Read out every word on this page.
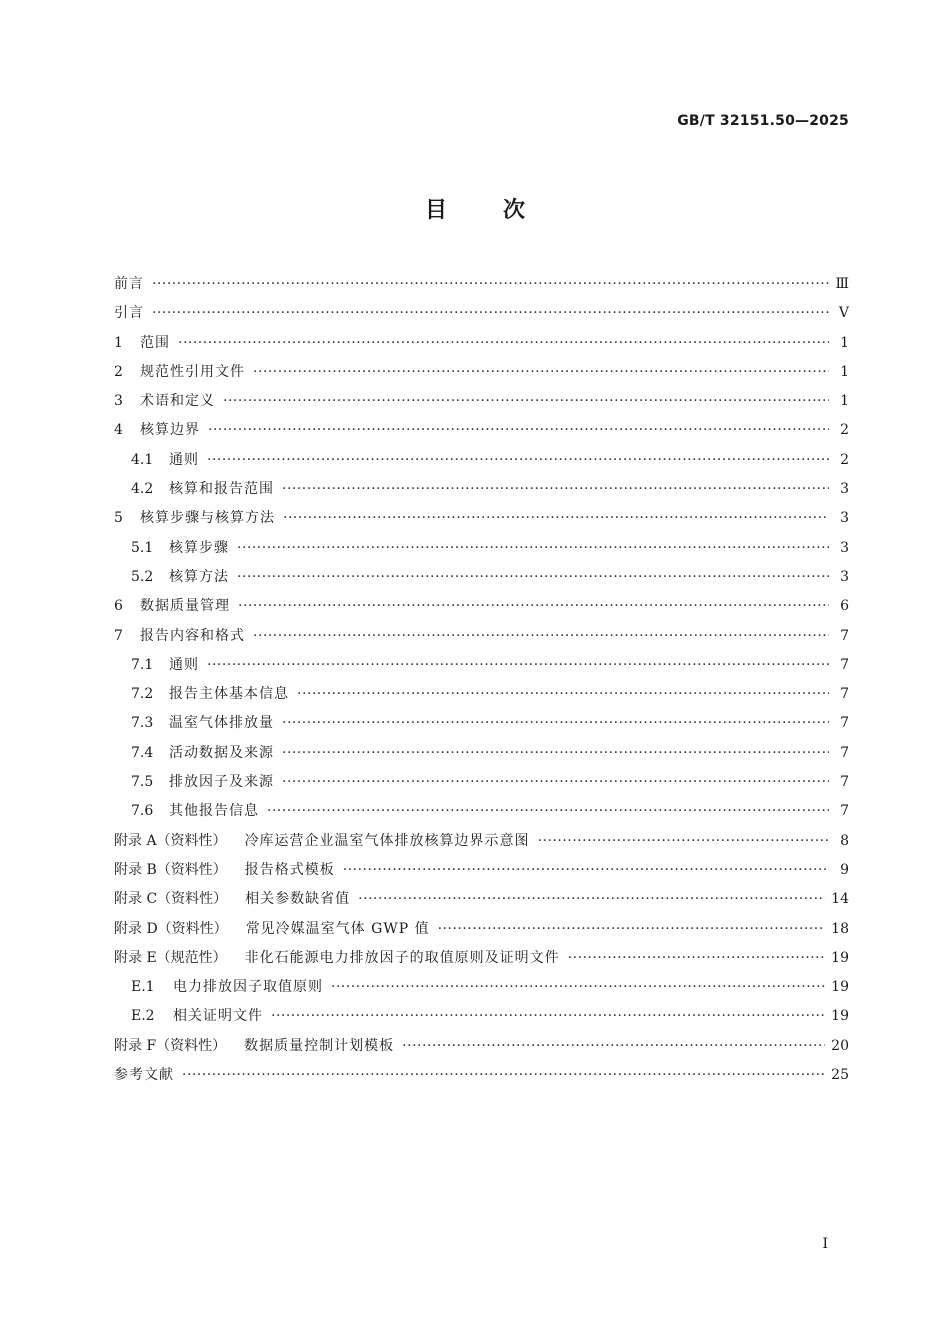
GB/T 32151.50—2025
目次
前言 ·····	Ⅲ
引言 ·····	Ⅴ
1	范围 ·····	1
2	规范性引用文件 ·····	1
3	术语和定义 ·····	1
4	核算边界 ·····	2
4.1	通则 ·····	2
4.2	核算和报告范围 ·····	3
5	核算步骤与核算方法 ·····	3
5.1	核算步骤 ·····	3
5.2	核算方法 ·····	3
6	数据质量管理 ·····	6
7	报告内容和格式 ·····	7
7.1	通则 ·····	7
7.2	报告主体基本信息 ·····	7
7.3	温室气体排放量 ·····	7
7.4	活动数据及来源 ·····	7
7.5	排放因子及来源 ·····	7
7.6	其他报告信息 ·····	7
附录 A（资料性） 冷库运营企业温室气体排放核算边界示意图 ·····	8
附录 B（资料性） 报告格式模板 ·····	9
附录 C（资料性） 相关参数缺省值 ·····	14
附录 D（资料性） 常见冷媒温室气体 GWP 值 ·····	18
附录 E（规范性） 非化石能源电力排放因子的取值原则及证明文件 ·····	19
E.1	电力排放因子取值原则 ·····	19
E.2	相关证明文件 ·····	19
附录 F（资料性） 数据质量控制计划模板 ·····	20
参考文献 ·····	25
I
